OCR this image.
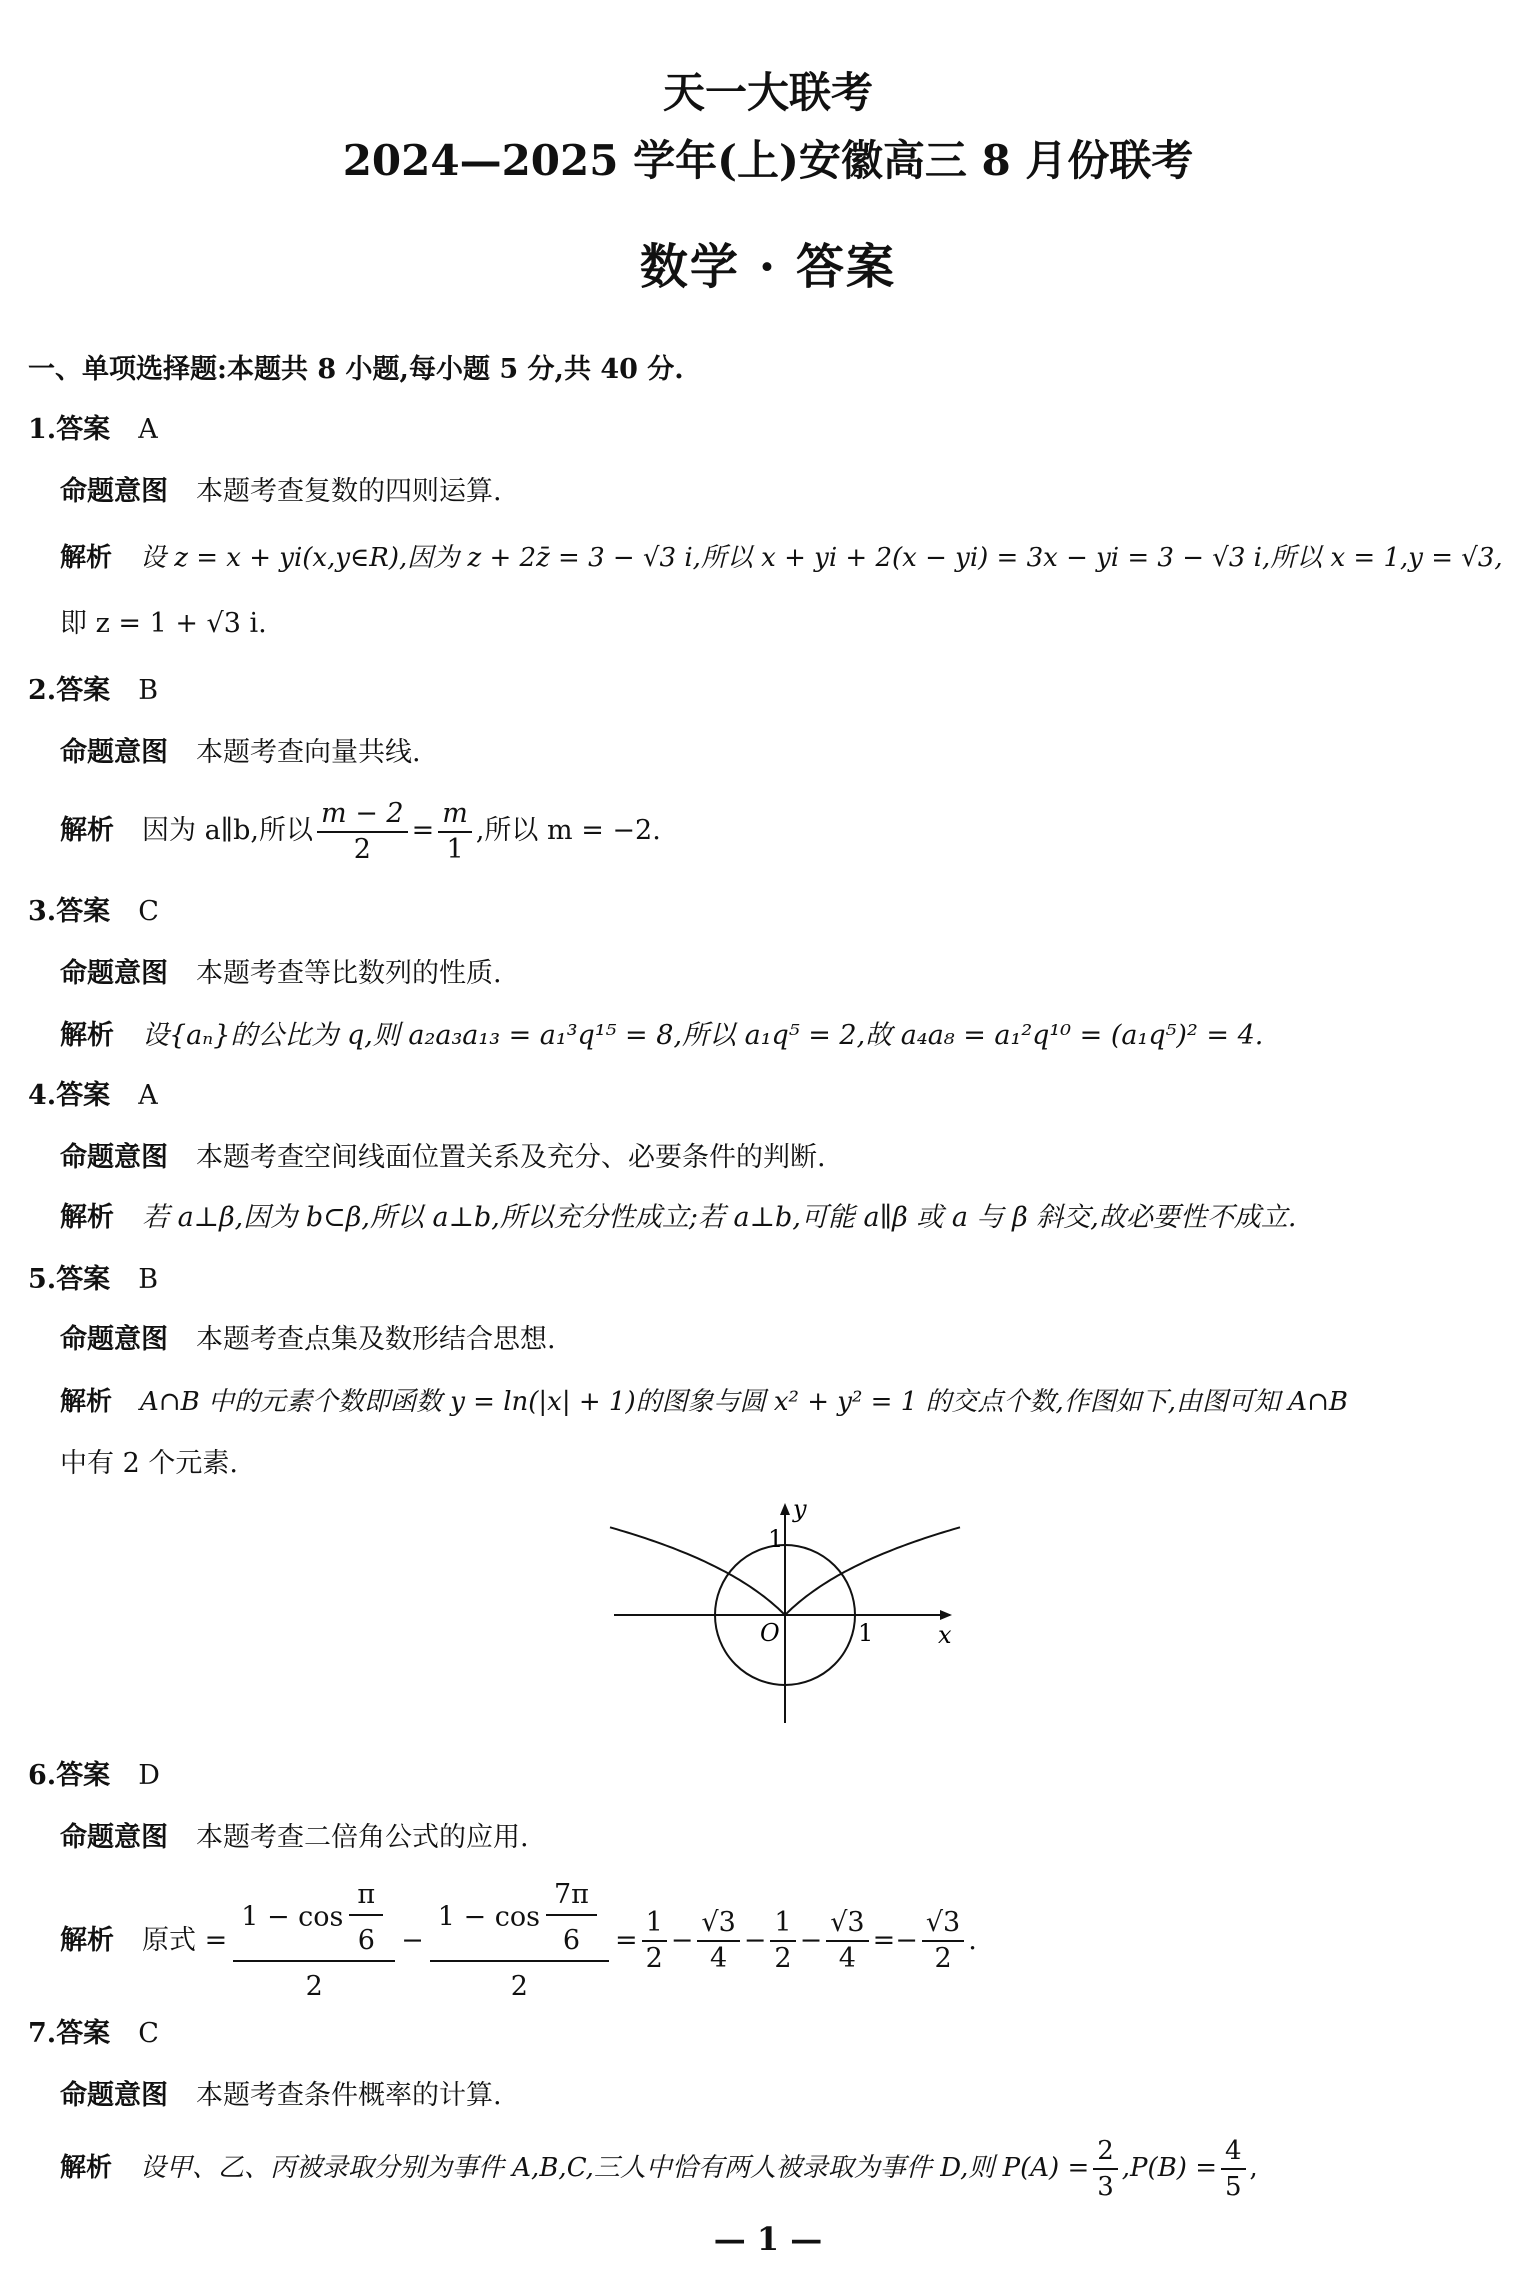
天一大联考
2024—2025 学年(上)安徽高三 8 月份联考
数学 · 答案
一、单项选择题:本题共 8 小题,每小题 5 分,共 40 分.
1.答案 A
命题意图 本题考查复数的四则运算.
解析 设 z = x + yi(x,y∈R),因为 z + 2z̄ = 3 − √3 i,所以 x + yi + 2(x − yi) = 3x − yi = 3 − √3 i,所以 x = 1,y = √3,
即 z = 1 + √3 i.
2.答案 B
命题意图 本题考查向量共线.
解析 因为 a∥b,所以 $\frac{m - 2}{2} = \frac{m}{1}$ ,所以 m = −2.
3.答案 C
命题意图 本题考查等比数列的性质.
解析 设{aₙ}的公比为 q,则 a₂a₃a₁₃ = a₁³q¹⁵ = 8,所以 a₁q⁵ = 2,故 a₄a₈ = a₁²q¹⁰ = (a₁q⁵)² = 4.
4.答案 A
命题意图 本题考查空间线面位置关系及充分、必要条件的判断.
解析 若 a⊥β,因为 b⊂β,所以 a⊥b,所以充分性成立;若 a⊥b,可能 a∥β 或 a 与 β 斜交,故必要性不成立.
5.答案 B
命题意图 本题考查点集及数形结合思想.
解析 A∩B 中的元素个数即函数 y = ln(|x| + 1)的图象与圆 x² + y² = 1 的交点个数,作图如下,由图可知 A∩B
中有 2 个元素.
y
x
O	1
1
6.答案 D
命题意图 本题考查二倍角公式的应用.
解析 原式 = $\frac{1 - \cos \frac{\pi}{6}}{2} - \frac{1 - \cos \frac{7\pi}{6}}{2} = \frac{1}{2} - \frac{√3}{4} - \frac{1}{2} - \frac{√3}{4} =- \frac{√3}{2}$ .
7.答案 C
命题意图 本题考查条件概率的计算.
解析 设甲、乙、丙被录取分别为事件 A,B,C,三人中恰有两人被录取为事件 D,则 $P(A) = \frac{2}{3} ,P(B) = \frac{4}{5}$ ,
— 1 —
